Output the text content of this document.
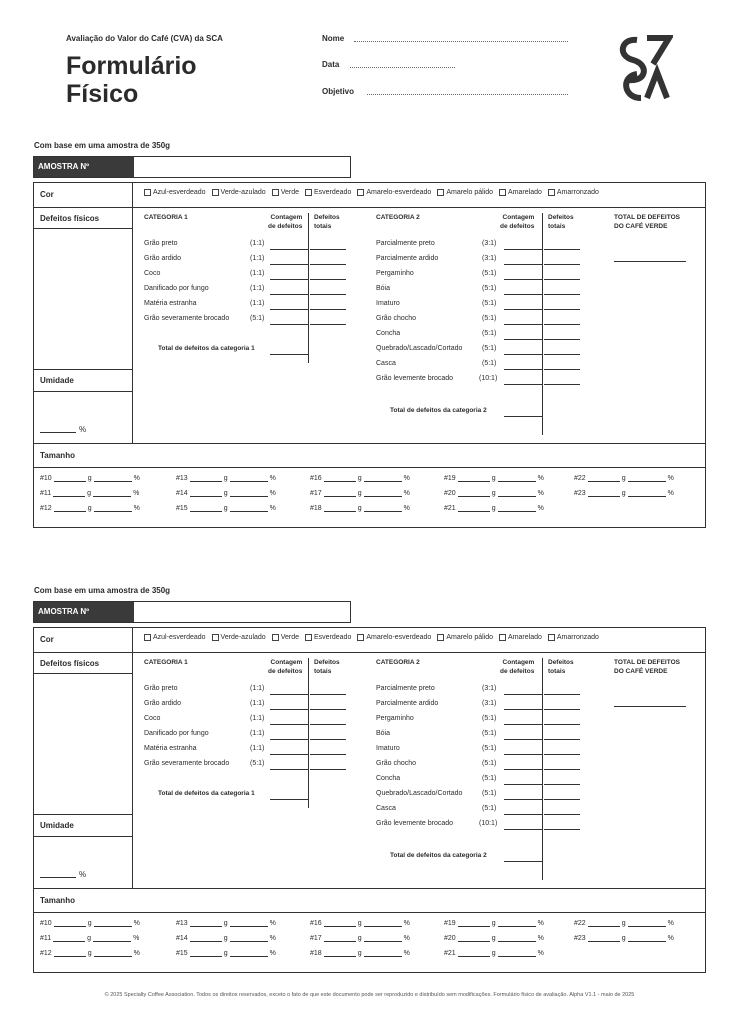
Avaliação do Valor do Café (CVA) da SCA
Formulário
Físico
Nome
Data
Objetivo
Com base em uma amostra de 350g
AMOSTRA Nº
Cor
Defeitos físicos
Umidade
%
Tamanho
Azul-esverdeado Verde-azulado Verde Esverdeado Amarelo-esverdeado Amarelo pálido Amarelado Amarronzado
CATEGORIA 1	Contagem
de defeitos
Defeitos
totais
Grão preto	(1:1)
Grão ardido	(1:1)
Coco	(1:1)
Danificado por fungo	(1:1)
Matéria estranha	(1:1)
Grão severamente brocado	(5:1)
Total de defeitos da categoria 1
CATEGORIA 2	Contagem
de defeitos
Defeitos
totais
Parcialmente preto	(3:1)
Parcialmente ardido	(3:1)
Pergaminho	(5:1)
Bóia	(5:1)
Imaturo	(5:1)
Grão chocho	(5:1)
Concha	(5:1)
Quebrado/Lascado/Cortado	(5:1)
Casca	(5:1)
Grão levemente brocado	(10:1)
Total de defeitos da categoria 2
TOTAL DE DEFEITOS
DO CAFÉ VERDE
#10	g	%
#11	g	%
#12	g	%
#13	g	%
#14	g	%
#15	g	%
#16	g	%
#17	g	%
#18	g	%
#19	g	%
#20	g	%
#21	g	%
#22	g	%
#23	g	%
Com base em uma amostra de 350g
AMOSTRA Nº
Cor
Defeitos físicos
Umidade
%
Tamanho
Azul-esverdeado Verde-azulado Verde Esverdeado Amarelo-esverdeado Amarelo pálido Amarelado Amarronzado
CATEGORIA 1	Contagem
de defeitos
Defeitos
totais
Grão preto	(1:1)
Grão ardido	(1:1)
Coco	(1:1)
Danificado por fungo	(1:1)
Matéria estranha	(1:1)
Grão severamente brocado	(5:1)
Total de defeitos da categoria 1
CATEGORIA 2	Contagem
de defeitos
Defeitos
totais
Parcialmente preto	(3:1)
Parcialmente ardido	(3:1)
Pergaminho	(5:1)
Bóia	(5:1)
Imaturo	(5:1)
Grão chocho	(5:1)
Concha	(5:1)
Quebrado/Lascado/Cortado	(5:1)
Casca	(5:1)
Grão levemente brocado	(10:1)
Total de defeitos da categoria 2
TOTAL DE DEFEITOS
DO CAFÉ VERDE
#10	g	%
#11	g	%
#12	g	%
#13	g	%
#14	g	%
#15	g	%
#16	g	%
#17	g	%
#18	g	%
#19	g	%
#20	g	%
#21	g	%
#22	g	%
#23	g	%
© 2025 Specialty Coffee Association. Todos os direitos reservados, exceto o fato de que este documento pode ser reproduzido e distribuído sem modificações. Formulário físico de avaliação. Alpha V1.1 - maio de 2025
